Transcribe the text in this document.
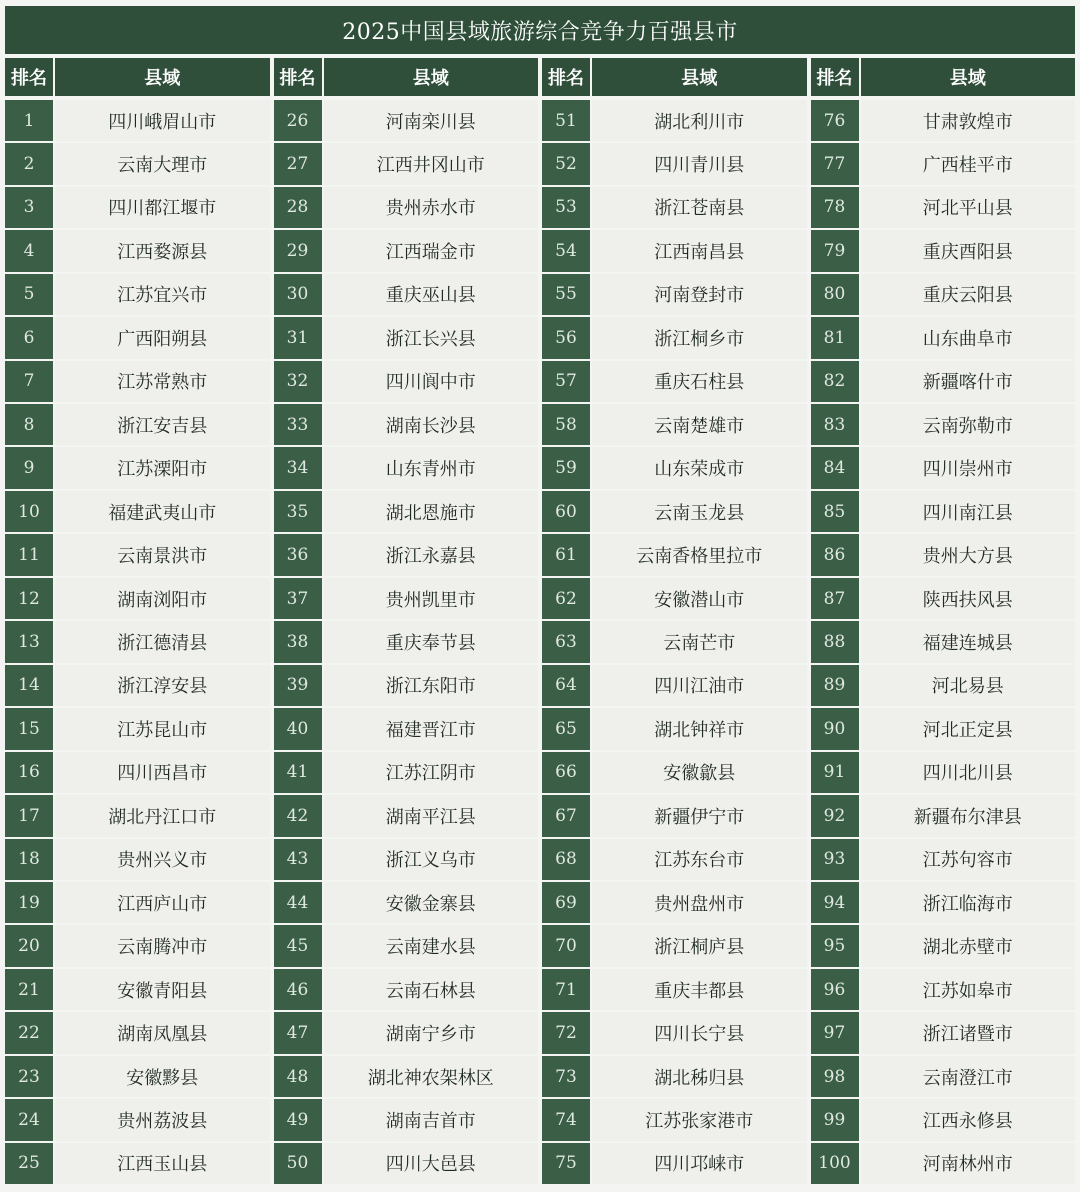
2025中国县域旅游综合竞争力百强县市
排名	县域
1	四川峨眉山市
2	云南大理市
3	四川都江堰市
4	江西婺源县
5	江苏宜兴市
6	广西阳朔县
7	江苏常熟市
8	浙江安吉县
9	江苏溧阳市
10	福建武夷山市
11	云南景洪市
12	湖南浏阳市
13	浙江德清县
14	浙江淳安县
15	江苏昆山市
16	四川西昌市
17	湖北丹江口市
18	贵州兴义市
19	江西庐山市
20	云南腾冲市
21	安徽青阳县
22	湖南凤凰县
23	安徽黟县
24	贵州荔波县
25	江西玉山县
排名	县域
26	河南栾川县
27	江西井冈山市
28	贵州赤水市
29	江西瑞金市
30	重庆巫山县
31	浙江长兴县
32	四川阆中市
33	湖南长沙县
34	山东青州市
35	湖北恩施市
36	浙江永嘉县
37	贵州凯里市
38	重庆奉节县
39	浙江东阳市
40	福建晋江市
41	江苏江阴市
42	湖南平江县
43	浙江义乌市
44	安徽金寨县
45	云南建水县
46	云南石林县
47	湖南宁乡市
48	湖北神农架林区
49	湖南吉首市
50	四川大邑县
排名	县域
51	湖北利川市
52	四川青川县
53	浙江苍南县
54	江西南昌县
55	河南登封市
56	浙江桐乡市
57	重庆石柱县
58	云南楚雄市
59	山东荣成市
60	云南玉龙县
61	云南香格里拉市
62	安徽潜山市
63	云南芒市
64	四川江油市
65	湖北钟祥市
66	安徽歙县
67	新疆伊宁市
68	江苏东台市
69	贵州盘州市
70	浙江桐庐县
71	重庆丰都县
72	四川长宁县
73	湖北秭归县
74	江苏张家港市
75	四川邛崃市
排名	县域
76	甘肃敦煌市
77	广西桂平市
78	河北平山县
79	重庆酉阳县
80	重庆云阳县
81	山东曲阜市
82	新疆喀什市
83	云南弥勒市
84	四川崇州市
85	四川南江县
86	贵州大方县
87	陕西扶风县
88	福建连城县
89	河北易县
90	河北正定县
91	四川北川县
92	新疆布尔津县
93	江苏句容市
94	浙江临海市
95	湖北赤壁市
96	江苏如皋市
97	浙江诸暨市
98	云南澄江市
99	江西永修县
100	河南林州市
